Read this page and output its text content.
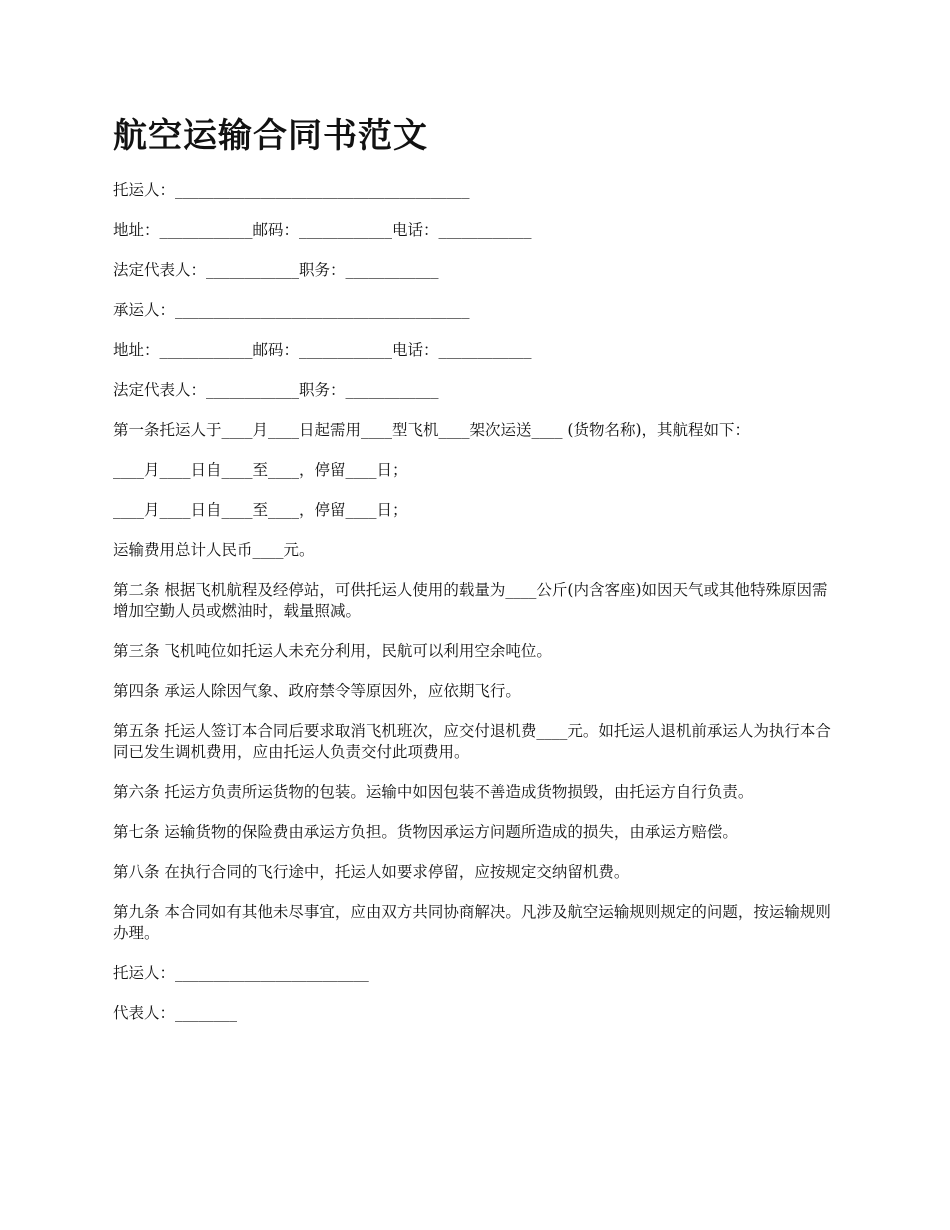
航空运输合同书范文

托运人：______________________________________

地址：____________邮码：____________电话：____________

法定代表人：____________职务：____________

承运人：______________________________________

地址：____________邮码：____________电话：____________

法定代表人：____________职务：____________

第一条托运人于____月____日起需用____型飞机____架次运送____ (货物名称)，其航程如下：

____月____日自____至____，停留____日；

____月____日自____至____，停留____日；

运输费用总计人民币____元。

第二条 根据飞机航程及经停站，可供托运人使用的载量为____公斤(内含客座)如因天气或其他特殊原因需增加空勤人员或燃油时，载量照减。

第三条 飞机吨位如托运人未充分利用，民航可以利用空余吨位。

第四条 承运人除因气象、政府禁令等原因外，应依期飞行。

第五条 托运人签订本合同后要求取消飞机班次，应交付退机费____元。如托运人退机前承运人为执行本合同已发生调机费用，应由托运人负责交付此项费用。

第六条 托运方负责所运货物的包装。运输中如因包装不善造成货物损毁，由托运方自行负责。

第七条 运输货物的保险费由承运方负担。货物因承运方问题所造成的损失，由承运方赔偿。

第八条 在执行合同的飞行途中，托运人如要求停留，应按规定交纳留机费。

第九条 本合同如有其他未尽事宜，应由双方共同协商解决。凡涉及航空运输规则规定的问题，按运输规则办理。

托运人：_________________________

代表人：________
